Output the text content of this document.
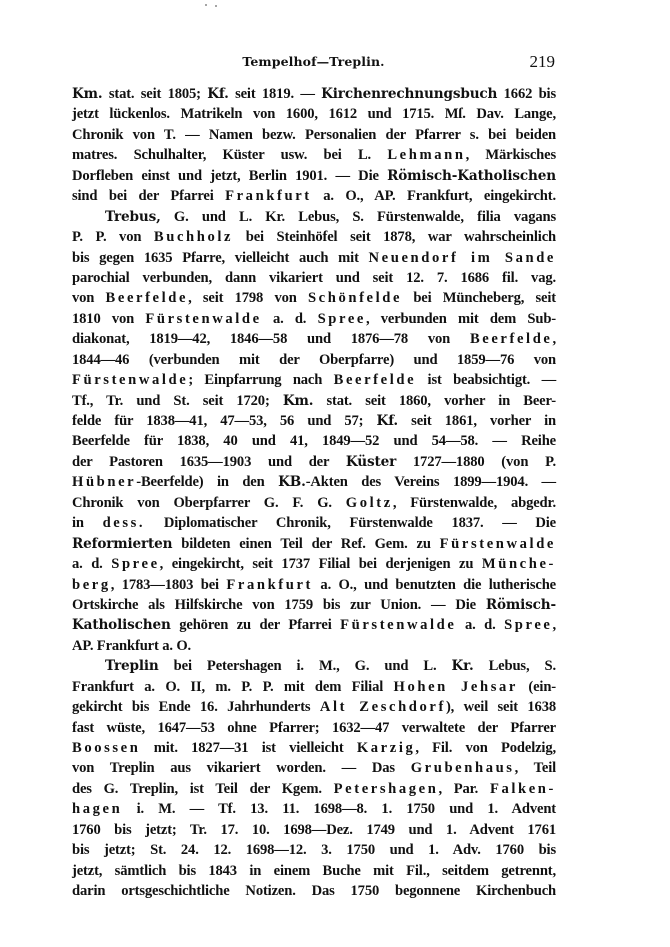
Tempelhof—Treplin.	219
Km. stat. seit 1805; Kf. seit 1819. — Kirchenrechnungsbuch 1662 bis
jetzt lückenlos. Matrikeln von 1600, 1612 und 1715. Mſ. Dav. Lange,
Chronik von T. — Namen bezw. Personalien der Pfarrer s. bei beiden
matres. Schulhalter, Küster usw. bei L. Lehmann, Märkisches
Dorfleben einst und jetzt, Berlin 1901. — Die Römisch-Katholischen
sind bei der Pfarrei Frankfurt a. O., AP. Frankfurt, eingekircht.
Trebus, G. und L. Kr. Lebus, S. Fürstenwalde, filia vagans
P. P. von Buchholz bei Steinhöfel seit 1878, war wahrscheinlich
bis gegen 1635 Pfarre, vielleicht auch mit Neuendorf im Sande
parochial verbunden, dann vikariert und seit 12. 7. 1686 fil. vag.
von Beerfelde, seit 1798 von Schönfelde bei Müncheberg, seit
1810 von Fürstenwalde a. d. Spree, verbunden mit dem Sub-
diakonat, 1819—42, 1846—58 und 1876—78 von Beerfelde,
1844—46 (verbunden mit der Oberpfarre) und 1859—76 von
Fürstenwalde; Einpfarrung nach Beerfelde ist beabsichtigt. —
Tf., Tr. und St. seit 1720; Km. stat. seit 1860, vorher in Beer-
felde für 1838—41, 47—53, 56 und 57; Kf. seit 1861, vorher in
Beerfelde für 1838, 40 und 41, 1849—52 und 54—58. — Reihe
der Pastoren 1635—1903 und der Küster 1727—1880 (von P.
Hübner-Beerfelde) in den KB.-Akten des Vereins 1899—1904. —
Chronik von Oberpfarrer G. F. G. Goltz, Fürstenwalde, abgedr.
in dess. Diplomatischer Chronik, Fürstenwalde 1837. — Die
Reformierten bildeten einen Teil der Ref. Gem. zu Fürstenwalde
a. d. Spree, eingekircht, seit 1737 Filial bei derjenigen zu Münche-
berg, 1783—1803 bei Frankfurt a. O., und benutzten die lutherische
Ortskirche als Hilfskirche von 1759 bis zur Union. — Die Römisch-
Katholischen gehören zu der Pfarrei Fürstenwalde a. d. Spree,
AP. Frankfurt a. O.
Treplin bei Petershagen i. M., G. und L. Kr. Lebus, S.
Frankfurt a. O. II, m. P. P. mit dem Filial Hohen Jehsar (ein-
gekircht bis Ende 16. Jahrhunderts Alt Zeschdorf), weil seit 1638
fast wüste, 1647—53 ohne Pfarrer; 1632—47 verwaltete der Pfarrer
Boossen mit. 1827—31 ist vielleicht Karzig, Fil. von Podelzig,
von Treplin aus vikariert worden. — Das Grubenhaus, Teil
des G. Treplin, ist Teil der Kgem. Petershagen, Par. Falken-
hagen i. M. — Tf. 13. 11. 1698—8. 1. 1750 und 1. Advent
1760 bis jetzt; Tr. 17. 10. 1698—Dez. 1749 und 1. Advent 1761
bis jetzt; St. 24. 12. 1698—12. 3. 1750 und 1. Adv. 1760 bis
jetzt, sämtlich bis 1843 in einem Buche mit Fil., seitdem getrennt,
darin ortsgeschichtliche Notizen. Das 1750 begonnene Kirchenbuch
